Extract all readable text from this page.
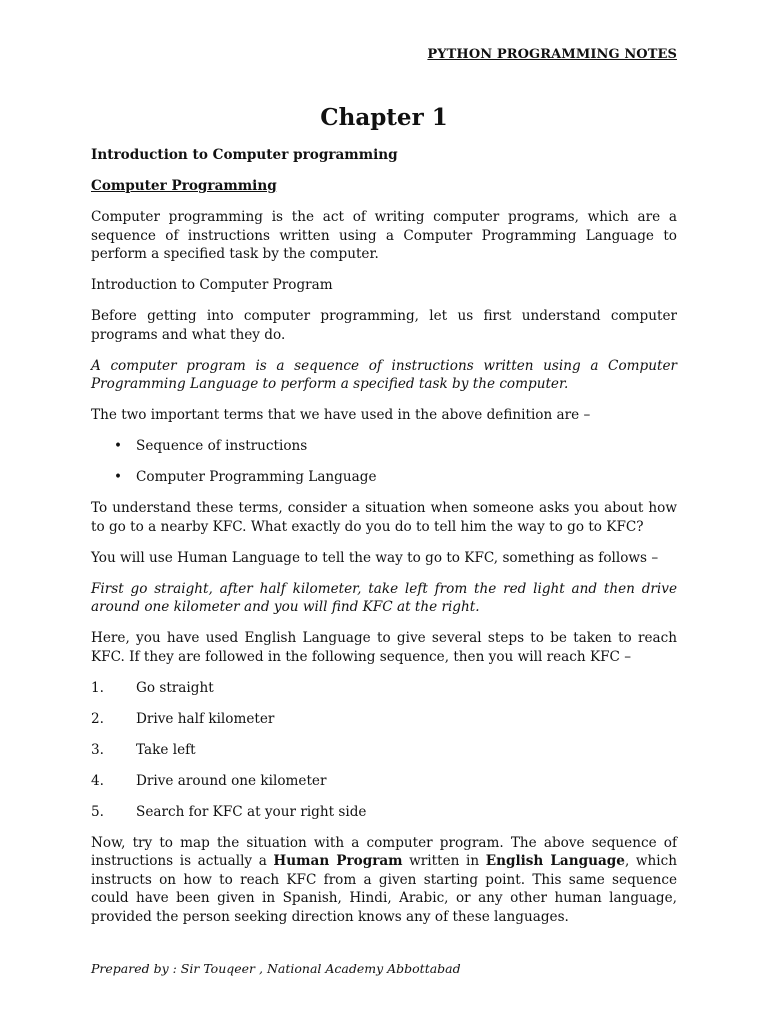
PYTHON PROGRAMMING NOTES
Chapter 1

Introduction to Computer programming

Computer Programming

Computer programming is the act of writing computer programs, which are a sequence of instructions written using a Computer Programming Language to perform a specified task by the computer.

Introduction to Computer Program

Before getting into computer programming, let us first understand computer programs and what they do.

A computer program is a sequence of instructions written using a Computer Programming Language to perform a specified task by the computer.

The two important terms that we have used in the above definition are –

• Sequence of instructions
• Computer Programming Language

To understand these terms, consider a situation when someone asks you about how to go to a nearby KFC. What exactly do you do to tell him the way to go to KFC?

You will use Human Language to tell the way to go to KFC, something as follows –

First go straight, after half kilometer, take left from the red light and then drive around one kilometer and you will find KFC at the right.

Here, you have used English Language to give several steps to be taken to reach KFC. If they are followed in the following sequence, then you will reach KFC –

1. Go straight
2. Drive half kilometer
3. Take left
4. Drive around one kilometer
5. Search for KFC at your right side

Now, try to map the situation with a computer program. The above sequence of instructions is actually a Human Program written in English Language, which instructs on how to reach KFC from a given starting point. This same sequence could have been given in Spanish, Hindi, Arabic, or any other human language, provided the person seeking direction knows any of these languages.

Prepared by : Sir Touqeer , National Academy Abbottabad
